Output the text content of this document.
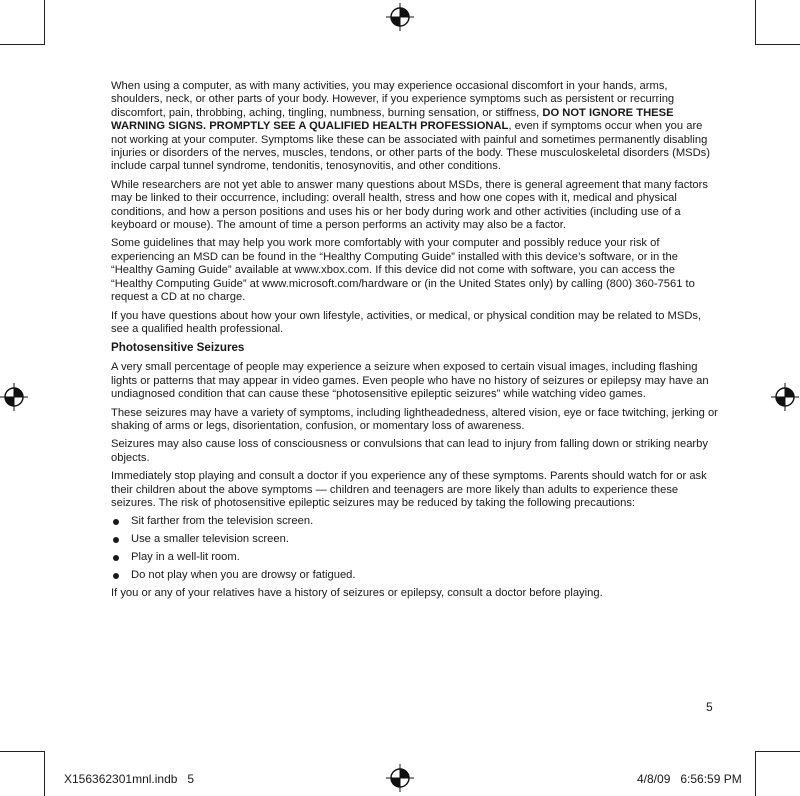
When using a computer, as with many activities, you may experience occasional discomfort in your hands, arms, shoulders, neck, or other parts of your body. However, if you experience symptoms such as persistent or recurring discomfort, pain, throbbing, aching, tingling, numbness, burning sensation, or stiffness, DO NOT IGNORE THESE WARNING SIGNS. PROMPTLY SEE A QUALIFIED HEALTH PROFESSIONAL, even if symptoms occur when you are not working at your computer. Symptoms like these can be associated with painful and sometimes permanently disabling injuries or disorders of the nerves, muscles, tendons, or other parts of the body. These musculoskeletal disorders (MSDs) include carpal tunnel syndrome, tendonitis, tenosynovitis, and other conditions.

While researchers are not yet able to answer many questions about MSDs, there is general agreement that many factors may be linked to their occurrence, including: overall health, stress and how one copes with it, medical and physical conditions, and how a person positions and uses his or her body during work and other activities (including use of a keyboard or mouse). The amount of time a person performs an activity may also be a factor.

Some guidelines that may help you work more comfortably with your computer and possibly reduce your risk of experiencing an MSD can be found in the “Healthy Computing Guide” installed with this device’s software, or in the “Healthy Gaming Guide” available at www.xbox.com. If this device did not come with software, you can access the “Healthy Computing Guide” at www.microsoft.com/hardware or (in the United States only) by calling (800) 360-7561 to request a CD at no charge.

If you have questions about how your own lifestyle, activities, or medical, or physical condition may be related to MSDs, see a qualified health professional.

Photosensitive Seizures

A very small percentage of people may experience a seizure when exposed to certain visual images, including flashing lights or patterns that may appear in video games. Even people who have no history of seizures or epilepsy may have an undiagnosed condition that can cause these “photosensitive epileptic seizures” while watching video games.

These seizures may have a variety of symptoms, including lightheadedness, altered vision, eye or face twitching, jerking or shaking of arms or legs, disorientation, confusion, or momentary loss of awareness.

Seizures may also cause loss of consciousness or convulsions that can lead to injury from falling down or striking nearby objects.

Immediately stop playing and consult a doctor if you experience any of these symptoms. Parents should watch for or ask their children about the above symptoms — children and teenagers are more likely than adults to experience these seizures. The risk of photosensitive epileptic seizures may be reduced by taking the following precautions:

Sit farther from the television screen.
Use a smaller television screen.
Play in a well-lit room.
Do not play when you are drowsy or fatigued.

If you or any of your relatives have a history of seizures or epilepsy, consult a doctor before playing.

5
X156362301mnl.indb   5	4/8/09   6:56:59 PM
